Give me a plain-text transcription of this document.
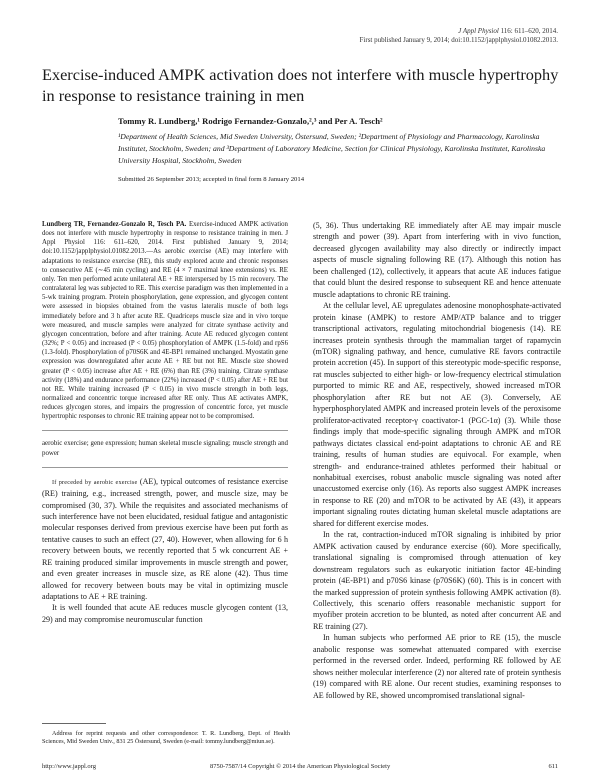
J Appl Physiol 116: 611–620, 2014.
First published January 9, 2014; doi:10.1152/japplphysiol.01082.2013.
Exercise-induced AMPK activation does not interfere with muscle hypertrophy in response to resistance training in men

Tommy R. Lundberg,¹ Rodrigo Fernandez-Gonzalo,²,³ and Per A. Tesch²

¹Department of Health Sciences, Mid Sweden University, Östersund, Sweden; ²Department of Physiology and Pharmacology, Karolinska Institutet, Stockholm, Sweden; and ³Department of Laboratory Medicine, Section for Clinical Physiology, Karolinska Institutet, Karolinska University Hospital, Stockholm, Sweden

Submitted 26 September 2013; accepted in final form 8 January 2014

Lundberg TR, Fernandez-Gonzalo R, Tesch PA. Exercise-induced AMPK activation does not interfere with muscle hypertrophy in response to resistance training in men. J Appl Physiol 116: 611–620, 2014. First published January 9, 2014; doi:10.1152/japplphysiol.01082.2013.—As aerobic exercise (AE) may interfere with adaptations to resistance exercise (RE), this study explored acute and chronic responses to consecutive AE (∼45 min cycling) and RE (4 × 7 maximal knee extensions) vs. RE only. Ten men performed acute unilateral AE + RE interspersed by 15 min recovery. The contralateral leg was subjected to RE. This exercise paradigm was then implemented in a 5-wk training program. Protein phosphorylation, gene expression, and glycogen content were assessed in biopsies obtained from the vastus lateralis muscle of both legs immediately before and 3 h after acute RE. Quadriceps muscle size and in vivo torque were measured, and muscle samples were analyzed for citrate synthase activity and glycogen concentration, before and after training. Acute AE reduced glycogen content (32%; P < 0.05) and increased (P < 0.05) phosphorylation of AMPK (1.5-fold) and rpS6 (1.3-fold). Phosphorylation of p70S6K and 4E-BP1 remained unchanged. Myostatin gene expression was downregulated after acute AE + RE but not RE. Muscle size showed greater (P < 0.05) increase after AE + RE (6%) than RE (3%) training. Citrate synthase activity (18%) and endurance performance (22%) increased (P < 0.05) after AE + RE but not RE. While training increased (P < 0.05) in vivo muscle strength in both legs, normalized and concentric torque increased after RE only. Thus AE activates AMPK, reduces glycogen stores, and impairs the progression of concentric force, yet muscle hypertrophic responses to chronic RE training appear not to be compromised.

aerobic exercise; gene expression; human skeletal muscle signaling; muscle strength and power

If preceded by aerobic exercise (AE), typical outcomes of resistance exercise (RE) training, e.g., increased strength, power, and muscle size, may be compromised (30, 37). While the requisites and associated mechanisms of such interference have not been elucidated, residual fatigue and antagonistic molecular responses derived from previous exercise have been put forth as tentative causes to such an effect (27, 40). However, when allowing for 6 h recovery between bouts, we recently reported that 5 wk concurrent AE + RE training produced similar improvements in muscle strength and power, and even greater increases in muscle size, as RE alone (42). Thus time allowed for recovery between bouts may be vital in optimizing muscle adaptations to AE + RE training.

It is well founded that acute AE reduces muscle glycogen content (13, 29) and may compromise neuromuscular function

(5, 36). Thus undertaking RE immediately after AE may impair muscle strength and power (39). Apart from interfering with in vivo function, decreased glycogen availability may also directly or indirectly impact aspects of muscle signaling following RE (17). Although this notion has been challenged (12), collectively, it appears that acute AE induces fatigue that could blunt the desired response to subsequent RE and hence attenuate muscle adaptations to chronic RE training.

At the cellular level, AE upregulates adenosine monophosphate-activated protein kinase (AMPK) to restore AMP/ATP balance and to trigger transcriptional activators, regulating mitochondrial biogenesis (14). RE increases protein synthesis through the mammalian target of rapamycin (mTOR) signaling pathway, and hence, cumulative RE favors contractile protein accretion (45). In support of this stereotypic mode-specific response, rat muscles subjected to either high- or low-frequency electrical stimulation purported to mimic RE and AE, respectively, showed increased mTOR phosphorylation after RE but not AE (3). Conversely, AE hyperphosphorylated AMPK and increased protein levels of the peroxisome proliferator-activated receptor-γ coactivator-1 (PGC-1α) (3). While those findings imply that mode-specific signaling through AMPK and mTOR pathways dictates classical end-point adaptations to chronic AE and RE training, results of human studies are equivocal. For example, when strength- and endurance-trained athletes performed their habitual or nonhabitual exercises, robust anabolic muscle signaling was noted after unaccustomed exercise only (16). As reports also suggest AMPK increases in response to RE (20) and mTOR to be activated by AE (43), it appears important signaling routes dictating human skeletal muscle adaptations are shared for different exercise modes.

In the rat, contraction-induced mTOR signaling is inhibited by prior AMPK activation caused by endurance exercise (60). More specifically, translational signaling is compromised through attenuation of key downstream regulators such as eukaryotic initiation factor 4E-binding protein (4E-BP1) and p70S6 kinase (p70S6K) (60). This is in concert with the marked suppression of protein synthesis following AMPK activation (8). Collectively, this scenario offers reasonable mechanistic support for myofiber protein accretion to be blunted, as noted after concurrent AE and RE training (27).

In human subjects who performed AE prior to RE (15), the muscle anabolic response was somewhat attenuated compared with exercise performed in the reversed order. Indeed, performing RE followed by AE shows neither molecular interference (2) nor altered rate of protein synthesis (19) compared with RE alone. Our recent studies, examining responses to AE followed by RE, showed uncompromised translational signal-

Address for reprint requests and other correspondence: T. R. Lundberg, Dept. of Health Sciences, Mid Sweden Univ., 831 25 Östersund, Sweden (e-mail: tommy.lundberg@miun.se).

http://www.jappl.org	8750-7587/14 Copyright © 2014 the American Physiological Society	611
